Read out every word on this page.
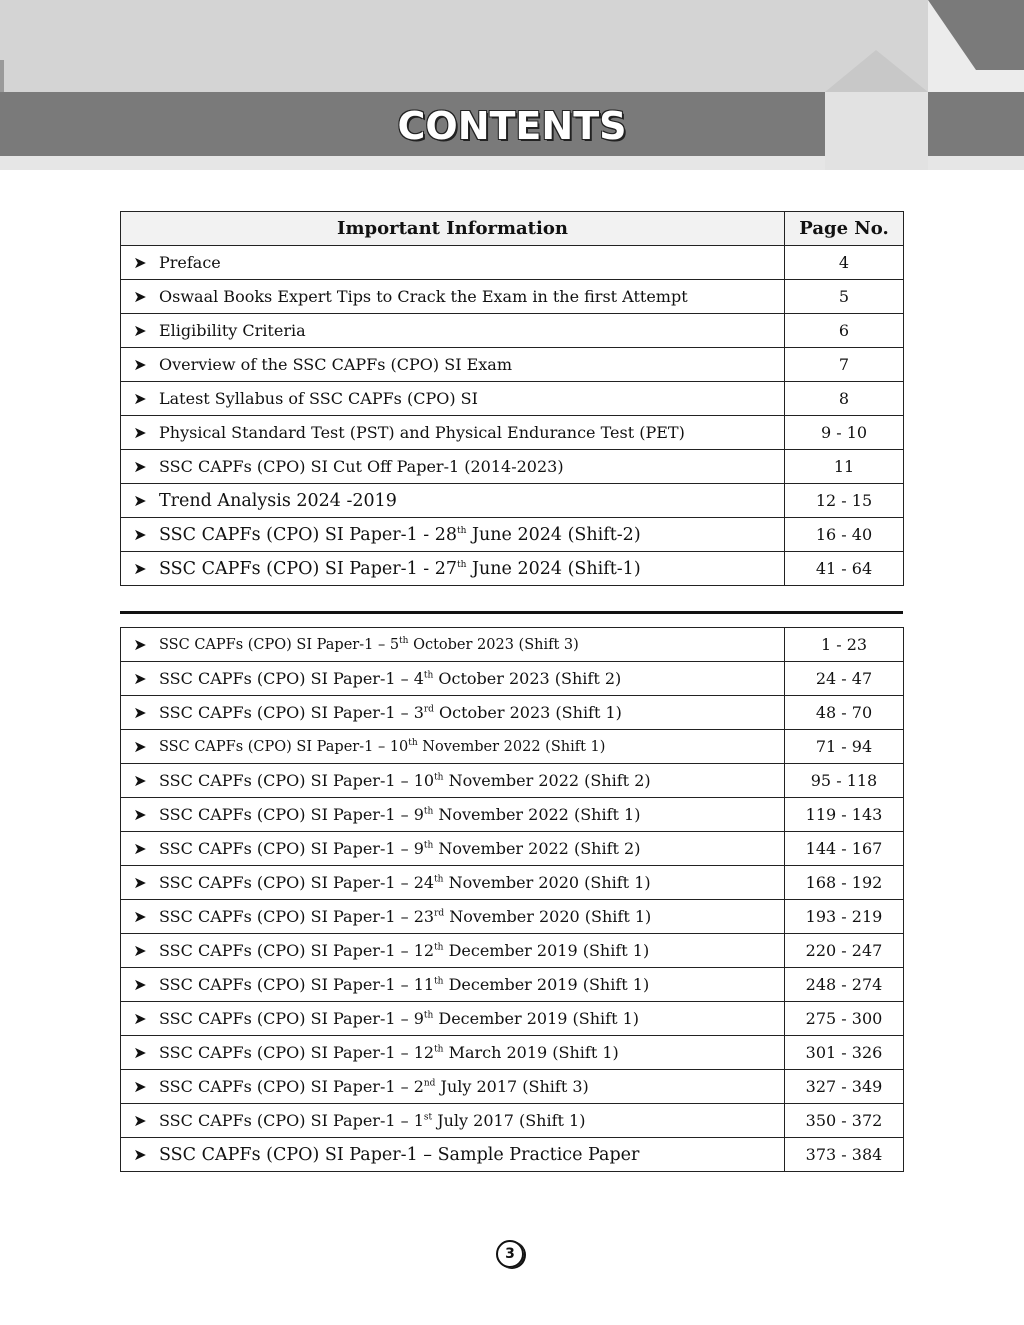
CONTENTS
Important Information	Page No.

➤ Preface	4

➤ Oswaal Books Expert Tips to Crack the Exam in the first Attempt	5

➤ Eligibility Criteria	6

➤ Overview of the SSC CAPFs (CPO) SI Exam	7

➤ Latest Syllabus of SSC CAPFs (CPO) SI	8

➤ Physical Standard Test (PST) and Physical Endurance Test (PET)	9 - 10

➤ SSC CAPFs (CPO) SI Cut Off Paper-1 (2014-2023)	11

➤ Trend Analysis 2024 -2019	12 - 15

➤ SSC CAPFs (CPO) SI Paper-1 - 28th June 2024 (Shift-2)	16 - 40

➤ SSC CAPFs (CPO) SI Paper-1 - 27th June 2024 (Shift-1)	41 - 64
➤ SSC CAPFs (CPO) SI Paper-1 – 5th October 2023 (Shift 3)	1 - 23

➤ SSC CAPFs (CPO) SI Paper-1 – 4th October 2023 (Shift 2)	24 - 47

➤ SSC CAPFs (CPO) SI Paper-1 – 3rd October 2023 (Shift 1)	48 - 70

➤ SSC CAPFs (CPO) SI Paper-1 – 10th November 2022 (Shift 1)	71 - 94

➤ SSC CAPFs (CPO) SI Paper-1 – 10th November 2022 (Shift 2)	95 - 118

➤ SSC CAPFs (CPO) SI Paper-1 – 9th November 2022 (Shift 1)	119 - 143

➤ SSC CAPFs (CPO) SI Paper-1 – 9th November 2022 (Shift 2)	144 - 167

➤ SSC CAPFs (CPO) SI Paper-1 – 24th November 2020 (Shift 1)	168 - 192

➤ SSC CAPFs (CPO) SI Paper-1 – 23rd November 2020 (Shift 1)	193 - 219

➤ SSC CAPFs (CPO) SI Paper-1 – 12th December 2019 (Shift 1)	220 - 247

➤ SSC CAPFs (CPO) SI Paper-1 – 11th December 2019 (Shift 1)	248 - 274

➤ SSC CAPFs (CPO) SI Paper-1 – 9th December 2019 (Shift 1)	275 - 300

➤ SSC CAPFs (CPO) SI Paper-1 – 12th March 2019 (Shift 1)	301 - 326

➤ SSC CAPFs (CPO) SI Paper-1 – 2nd July 2017 (Shift 3)	327 - 349

➤ SSC CAPFs (CPO) SI Paper-1 – 1st July 2017 (Shift 1)	350 - 372

➤ SSC CAPFs (CPO) SI Paper-1 – Sample Practice Paper	373 - 384
3
